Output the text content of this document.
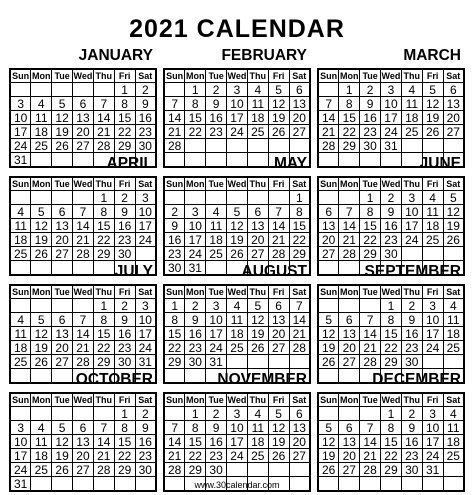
2021 CALENDAR
JANUARY
Sun	Mon	Tue	Wed	Thu	Fri	Sat
					1	2
3	4	5	6	7	8	9
10	11	12	13	14	15	16
17	18	19	20	21	22	23
24	25	26	27	28	29	30
31						
FEBRUARY
Sun	Mon	Tue	Wed	Thu	Fri	Sat
	1	2	3	4	5	6
7	8	9	10	11	12	13
14	15	16	17	18	19	20
21	22	23	24	25	26	27
28						

MARCH
Sun	Mon	Tue	Wed	Thu	Fri	Sat
	1	2	3	4	5	6
7	8	9	10	11	12	13
14	15	16	17	18	19	20
21	22	23	24	25	26	27
28	29	30	31			

APRIL
Sun	Mon	Tue	Wed	Thu	Fri	Sat
				1	2	3
4	5	6	7	8	9	10
11	12	13	14	15	16	17
18	19	20	21	22	23	24
25	26	27	28	29	30	

MAY
Sun	Mon	Tue	Wed	Thu	Fri	Sat
						1
2	3	4	5	6	7	8
9	10	11	12	13	14	15
16	17	18	19	20	21	22
23	24	25	26	27	28	29
30	31					
JUNE
Sun	Mon	Tue	Wed	Thu	Fri	Sat
		1	2	3	4	5
6	7	8	9	10	11	12
13	14	15	16	17	18	19
20	21	22	23	24	25	26
27	28	29	30			

JULY
Sun	Mon	Tue	Wed	Thu	Fri	Sat
				1	2	3
4	5	6	7	8	9	10
11	12	13	14	15	16	17
18	19	20	21	22	23	24
25	26	27	28	29	30	31

AUGUST
Sun	Mon	Tue	Wed	Thu	Fri	Sat
1	2	3	4	5	6	7
8	9	10	11	12	13	14
15	16	17	18	19	20	21
22	23	24	25	26	27	28
29	30	31				

SEPTEMBER
Sun	Mon	Tue	Wed	Thu	Fri	Sat
			1	2	3	4
5	6	7	8	9	10	11
12	13	14	15	16	17	18
19	20	21	22	23	24	25
26	27	28	29	30		

OCTOBER
Sun	Mon	Tue	Wed	Thu	Fri	Sat
					1	2
3	4	5	6	7	8	9
10	11	12	13	14	15	16
17	18	19	20	21	22	23
24	25	26	27	28	29	30
31						
NOVEMBER
Sun	Mon	Tue	Wed	Thu	Fri	Sat
	1	2	3	4	5	6
7	8	9	10	11	12	13
14	15	16	17	18	19	20
21	22	23	24	25	26	27
28	29	30				

DECEMBER
Sun	Mon	Tue	Wed	Thu	Fri	Sat
			1	2	3	4
5	6	7	8	9	10	11
12	13	14	15	16	17	18
19	20	21	22	23	24	25
26	27	28	29	30	31	

www.30calendar.com
